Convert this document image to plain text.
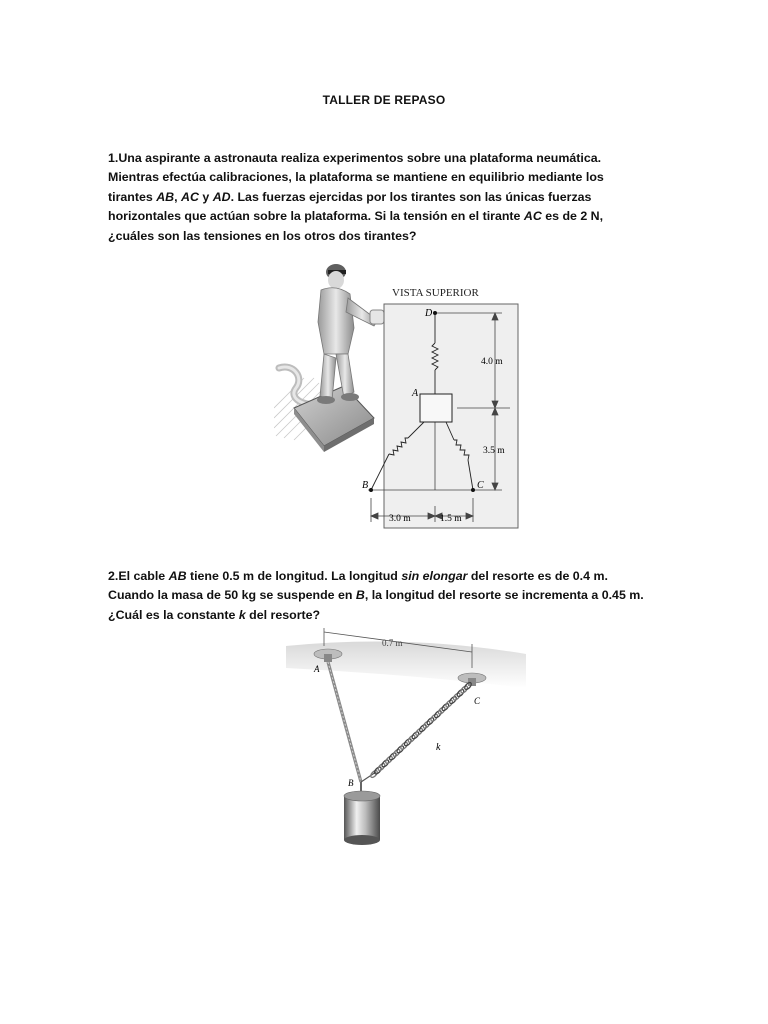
TALLER DE REPASO
1.Una aspirante a astronauta realiza experimentos sobre una plataforma neumática. Mientras efectúa calibraciones, la plataforma se mantiene en equilibrio mediante los tirantes AB, AC y AD. Las fuerzas ejercidas por los tirantes son las únicas fuerzas horizontales que actúan sobre la plataforma. Si la tensión en el tirante AC es de 2 N, ¿cuáles son las tensiones en los otros dos tirantes?
VISTA SUPERIOR
D
A
B	C
4.0 m
3.5 m
3.0 m	1.5 m
2.El cable AB tiene 0.5 m de longitud. La longitud sin elongar del resorte es de 0.4 m. Cuando la masa de 50 kg se suspende en B, la longitud del resorte se incrementa a 0.45 m. ¿Cuál es la constante k del resorte?
0.7 m
A
C
k
B
